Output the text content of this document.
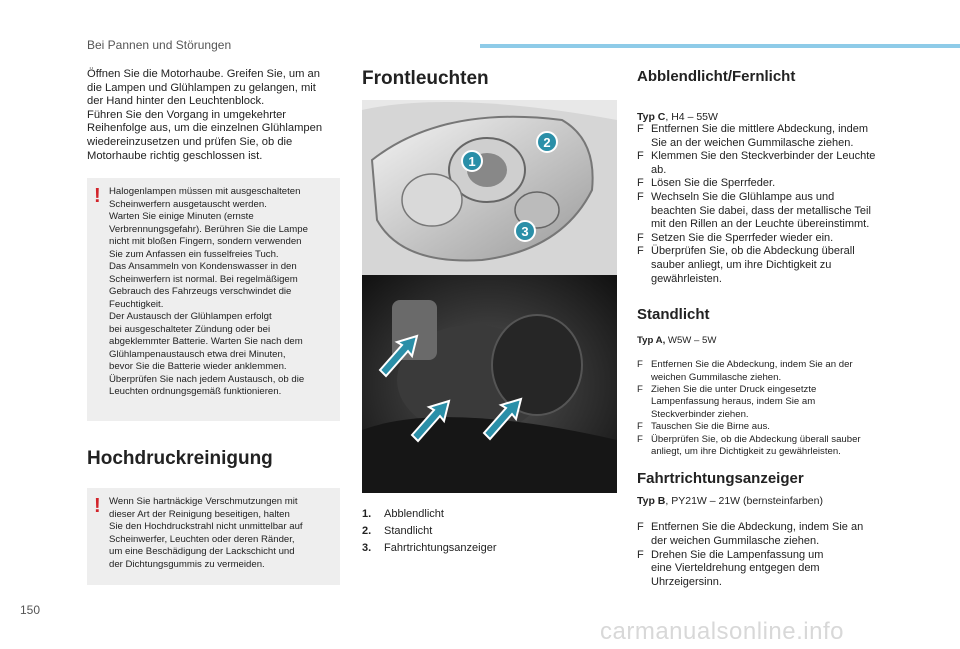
Bei Pannen und Störungen
150

Öffnen Sie die Motorhaube. Greifen Sie, um an
die Lampen und Glühlampen zu gelangen, mit
der Hand hinter den Leuchtenblock.
Führen Sie den Vorgang in umgekehrter
Reihenfolge aus, um die einzelnen Glühlampen
wiedereinzusetzen und prüfen Sie, ob die
Motorhaube richtig geschlossen ist.

! Halogenlampen müssen mit ausgeschalteten
Scheinwerfern ausgetauscht werden.
Warten Sie einige Minuten (ernste
Verbrennungsgefahr). Berühren Sie die Lampe
nicht mit bloßen Fingern, sondern verwenden
Sie zum Anfassen ein fusselfreies Tuch.
Das Ansammeln von Kondenswasser in den
Scheinwerfern ist normal. Bei regelmäßigem
Gebrauch des Fahrzeugs verschwindet die
Feuchtigkeit.
Der Austausch der Glühlampen erfolgt
bei ausgeschalteter Zündung oder bei
abgeklemmter Batterie. Warten Sie nach dem
Glühlampenaustausch etwa drei Minuten,
bevor Sie die Batterie wieder anklemmen.
Überprüfen Sie nach jedem Austausch, ob die
Leuchten ordnungsgemäß funktionieren.

Hochdruckreinigung
! Wenn Sie hartnäckige Verschmutzungen mit
dieser Art der Reinigung beseitigen, halten
Sie den Hochdruckstrahl nicht unmittelbar auf
Scheinwerfer, Leuchten oder deren Ränder,
um eine Beschädigung der Lackschicht und
der Dichtungsgummis zu vermeiden.

Frontleuchten
1
2
3
1. Abblendlicht
2. Standlicht
3. Fahrtrichtungsanzeiger
Abblendlicht/Fernlicht

Typ C, H4 – 55W

F Entfernen Sie die mittlere Abdeckung, indem
Sie an der weichen Gummilasche ziehen.
F Klemmen Sie den Steckverbinder der Leuchte
ab.
F Lösen Sie die Sperrfeder.
F Wechseln Sie die Glühlampe aus und
beachten Sie dabei, dass der metallische Teil
mit den Rillen an der Leuchte übereinstimmt.
F Setzen Sie die Sperrfeder wieder ein.
F Überprüfen Sie, ob die Abdeckung überall
sauber anliegt, um ihre Dichtigkeit zu
gewährleisten.
Standlicht

Typ A, W5W – 5W

F Entfernen Sie die Abdeckung, indem Sie an der
weichen Gummilasche ziehen.
F Ziehen Sie die unter Druck eingesetzte
Lampenfassung heraus, indem Sie am
Steckverbinder ziehen.
F Tauschen Sie die Birne aus.
F Überprüfen Sie, ob die Abdeckung überall sauber
anliegt, um ihre Dichtigkeit zu gewährleisten.
Fahrtrichtungsanzeiger

Typ B, PY21W – 21W (bernsteinfarben)

F Entfernen Sie die Abdeckung, indem Sie an
der weichen Gummilasche ziehen.
F Drehen Sie die Lampenfassung um
eine Vierteldrehung entgegen dem
Uhrzeigersinn.
carmanualsonline.info
